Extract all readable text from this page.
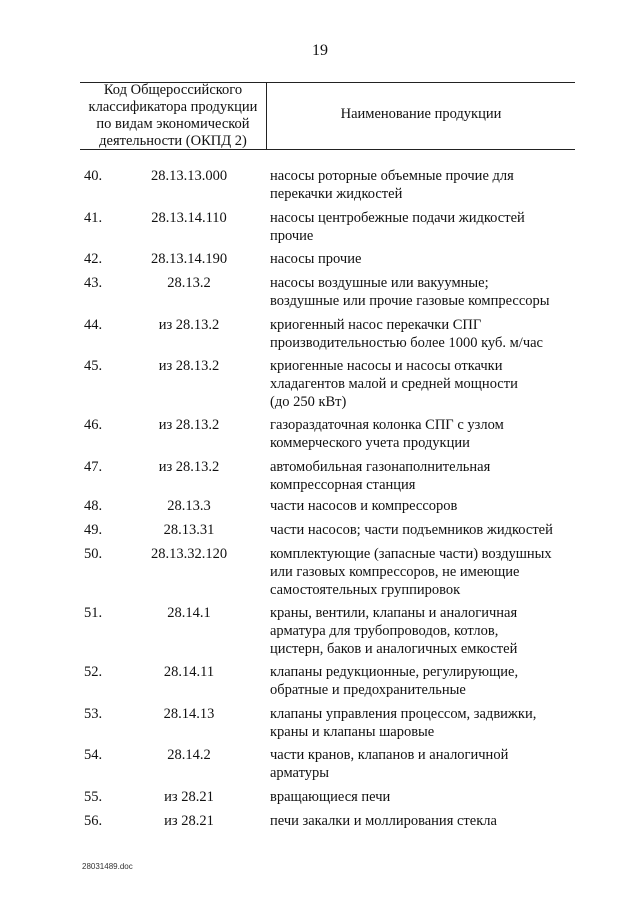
19
Код Общероссийского
классификатора продукции
по видам экономической
деятельности (ОКПД 2)
Наименование продукции
40.	28.13.13.000	насосы роторные объемные прочие для
перекачки жидкостей
41.	28.13.14.110	насосы центробежные подачи жидкостей
прочие
42.	28.13.14.190	насосы прочие
43.	28.13.2	насосы воздушные или вакуумные;
воздушные или прочие газовые компрессоры
44.	из 28.13.2	криогенный насос перекачки СПГ
производительностью более 1000 куб. м/час
45.	из 28.13.2	криогенные насосы и насосы откачки
хладагентов малой и средней мощности
(до 250 кВт)
46.	из 28.13.2	газораздаточная колонка СПГ с узлом
коммерческого учета продукции
47.	из 28.13.2	автомобильная газонаполнительная
компрессорная станция
48.	28.13.3	части насосов и компрессоров
49.	28.13.31	части насосов; части подъемников жидкостей
50.	28.13.32.120	комплектующие (запасные части) воздушных
или газовых компрессоров, не имеющие
самостоятельных группировок
51.	28.14.1	краны, вентили, клапаны и аналогичная
арматура для трубопроводов, котлов,
цистерн, баков и аналогичных емкостей
52.	28.14.11	клапаны редукционные, регулирующие,
обратные и предохранительные
53.	28.14.13	клапаны управления процессом, задвижки,
краны и клапаны шаровые
54.	28.14.2	части кранов, клапанов и аналогичной
арматуры
55.	из 28.21	вращающиеся печи
56.	из 28.21	печи закалки и моллирования стекла
28031489.doc
